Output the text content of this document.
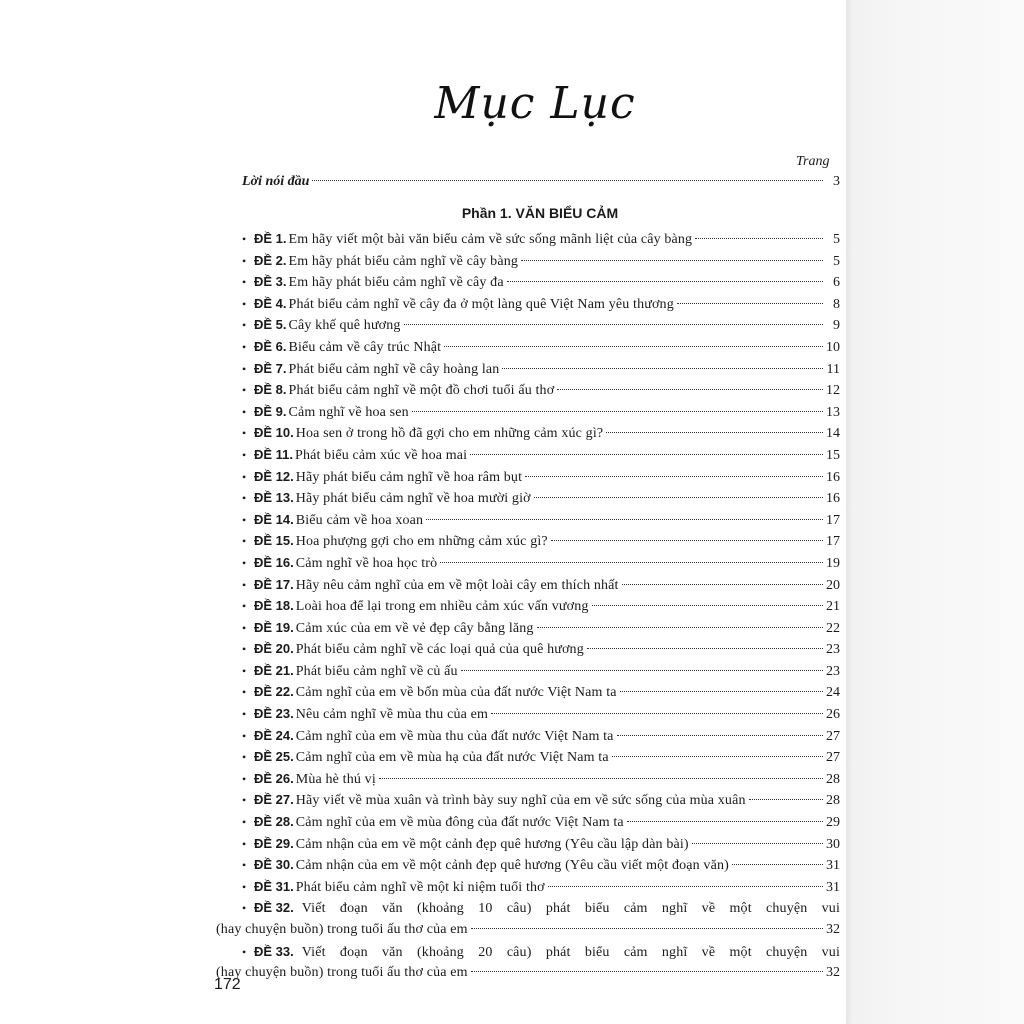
Mục Lục
Trang
Lời nói đầu	3
Phần 1. VĂN BIỂU CẢM
• ĐỀ 1. Em hãy viết một bài văn biểu cảm về sức sống mãnh liệt của cây bàng	5
• ĐỀ 2. Em hãy phát biểu cảm nghĩ về cây bàng	5
• ĐỀ 3. Em hãy phát biểu cảm nghĩ về cây đa	6
• ĐỀ 4. Phát biểu cảm nghĩ về cây đa ở một làng quê Việt Nam yêu thương	8
• ĐỀ 5. Cây khế quê hương	9
• ĐỀ 6. Biểu cảm về cây trúc Nhật	10
• ĐỀ 7. Phát biểu cảm nghĩ về cây hoàng lan	11
• ĐỀ 8. Phát biểu cảm nghĩ về một đồ chơi tuổi ấu thơ	12
• ĐỀ 9. Cảm nghĩ về hoa sen	13
• ĐỀ 10. Hoa sen ở trong hồ đã gợi cho em những cảm xúc gì?	14
• ĐỀ 11. Phát biểu cảm xúc về hoa mai	15
• ĐỀ 12. Hãy phát biểu cảm nghĩ về hoa râm bụt	16
• ĐỀ 13. Hãy phát biểu cảm nghĩ về hoa mười giờ	16
• ĐỀ 14. Biểu cảm về hoa xoan	17
• ĐỀ 15. Hoa phượng gợi cho em những cảm xúc gì?	17
• ĐỀ 16. Cảm nghĩ về hoa học trò	19
• ĐỀ 17. Hãy nêu cảm nghĩ của em về một loài cây em thích nhất	20
• ĐỀ 18. Loài hoa để lại trong em nhiều cảm xúc vấn vương	21
• ĐỀ 19. Cảm xúc của em về vẻ đẹp cây bằng lăng	22
• ĐỀ 20. Phát biểu cảm nghĩ về các loại quả của quê hương	23
• ĐỀ 21. Phát biểu cảm nghĩ về củ ấu	23
• ĐỀ 22. Cảm nghĩ của em về bốn mùa của đất nước Việt Nam ta	24
• ĐỀ 23. Nêu cảm nghĩ về mùa thu của em	26
• ĐỀ 24. Cảm nghĩ của em về mùa thu của đất nước Việt Nam ta	27
• ĐỀ 25. Cảm nghĩ của em về mùa hạ của đất nước Việt Nam ta	27
• ĐỀ 26. Mùa hè thú vị	28
• ĐỀ 27. Hãy viết về mùa xuân và trình bày suy nghĩ của em về sức sống của mùa xuân	28
• ĐỀ 28. Cảm nghĩ của em về mùa đông của đất nước Việt Nam ta	29
• ĐỀ 29. Cảm nhận của em về một cảnh đẹp quê hương (Yêu cầu lập dàn bài)	30
• ĐỀ 30. Cảm nhận của em về một cảnh đẹp quê hương (Yêu cầu viết một đoạn văn)	31
• ĐỀ 31. Phát biểu cảm nghĩ về một kỉ niệm tuổi thơ	31
• ĐỀ 32. Viết đoạn văn (khoảng 10 câu) phát biểu cảm nghĩ về một chuyện vui
(hay chuyện buồn) trong tuổi ấu thơ của em	32
• ĐỀ 33. Viết đoạn văn (khoảng 20 câu) phát biểu cảm nghĩ về một chuyện vui
(hay chuyện buồn) trong tuổi ấu thơ của em	32
172
